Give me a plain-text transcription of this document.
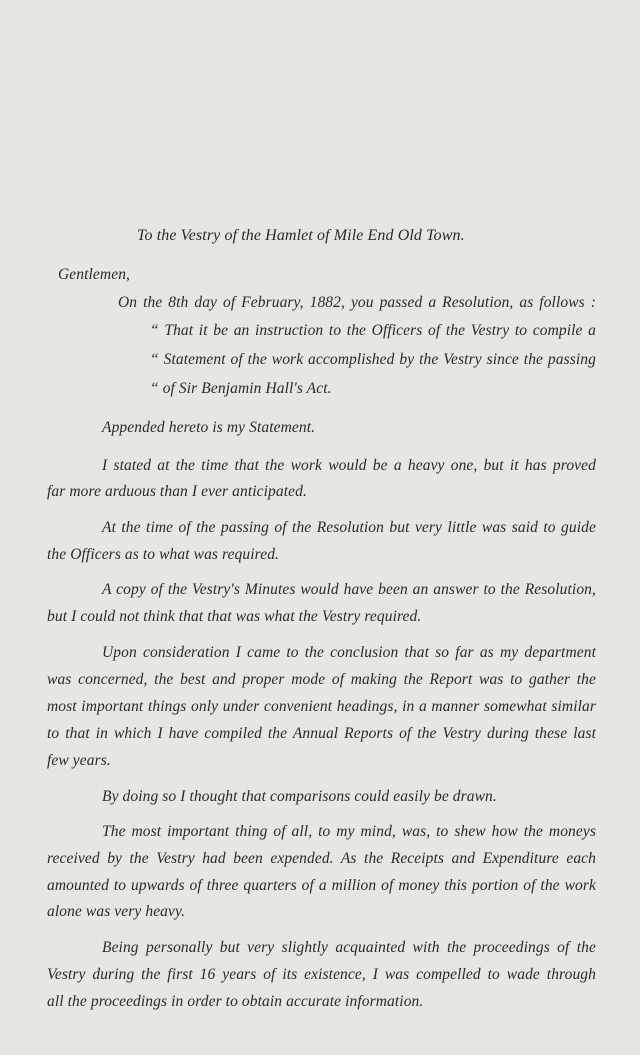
To the Vestry of the Hamlet of Mile End Old Town.
Gentlemen,
On the 8th day of February, 1882, you passed a Resolution, as follows :
“ That it be an instruction to the Officers of the Vestry to compile a
“ Statement of the work accomplished by the Vestry since the passing
“ of Sir Benjamin Hall's Act.
Appended hereto is my Statement.
I stated at the time that the work would be a heavy one, but it has proved
far more arduous than I ever anticipated.
At the time of the passing of the Resolution but very little was said to guide
the Officers as to what was required.
A copy of the Vestry's Minutes would have been an answer to the Resolution,
but I could not think that that was what the Vestry required.
Upon consideration I came to the conclusion that so far as my department
was concerned, the best and proper mode of making the Report was to gather the
most important things only under convenient headings, in a manner somewhat similar
to that in which I have compiled the Annual Reports of the Vestry during these last
few years.
By doing so I thought that comparisons could easily be drawn.
The most important thing of all, to my mind, was, to shew how the moneys
received by the Vestry had been expended. As the Receipts and Expenditure each
amounted to upwards of three quarters of a million of money this portion of the work
alone was very heavy.
Being personally but very slightly acquainted with the proceedings of the
Vestry during the first 16 years of its existence, I was compelled to wade through
all the proceedings in order to obtain accurate information.
